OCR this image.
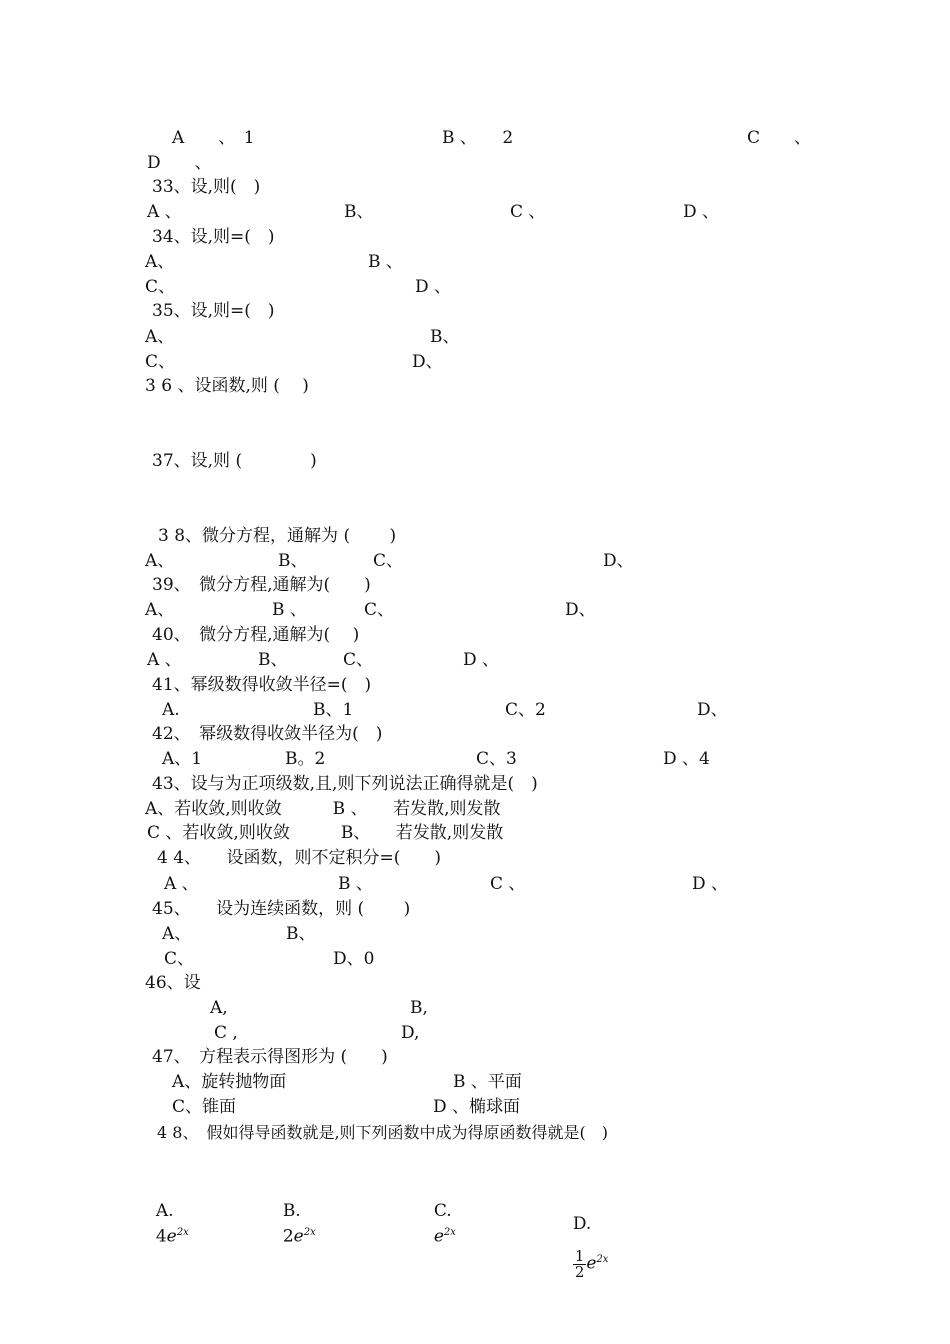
A　　、　1	B 、　　2	C　　、
D　　、
33、设,则(　)
A 、	B、	C 、	D 、
34、设,则=(　)
A、	B 、
C、	D 、
35、设,则=(　)
A、	B、
C、	D、
3 6 、设函数,则 (　 )
37、设,则 (　　　　)
3 8、微分方程，通解为 (　　 )
A、	B、	C、	D、
39、　微分方程,通解为(　　)
A、	B 、	C、	D、
40、　微分方程,通解为(　 )
A 、	B、	C、	D 、
41、幂级数得收敛半径=(　)
A.	B、1	C、2	D、
42、　幂级数得收敛半径为(　)
A、1	B。2	C、3	D 、4
43、设与为正项级数,且,则下列说法正确得就是(　)
A、若收敛,则收敛　　　B 、　　若发散,则发散
C 、若收敛,则收敛　　　B、　　若发散,则发散
4 4、　　设函数，则不定积分=(　　)
A 、	B 、	C 、	D 、
45、　　设为连续函数，则 (　　 )
A、	B、
C、	D、0
46、设
A,	B,
C ,	D,
47、　方程表示得图形为 (　　)
A、旋转抛物面	B 、平面
C、锥面	D 、椭球面
4 8、　假如得导函数就是,则下列函数中成为得原函数得就是(　)

A.
$4e^{2x}$

B.
$2e^{2x}$

C.
$e^{2x}$	D.

$\frac{1}{2} e^{2x}$
